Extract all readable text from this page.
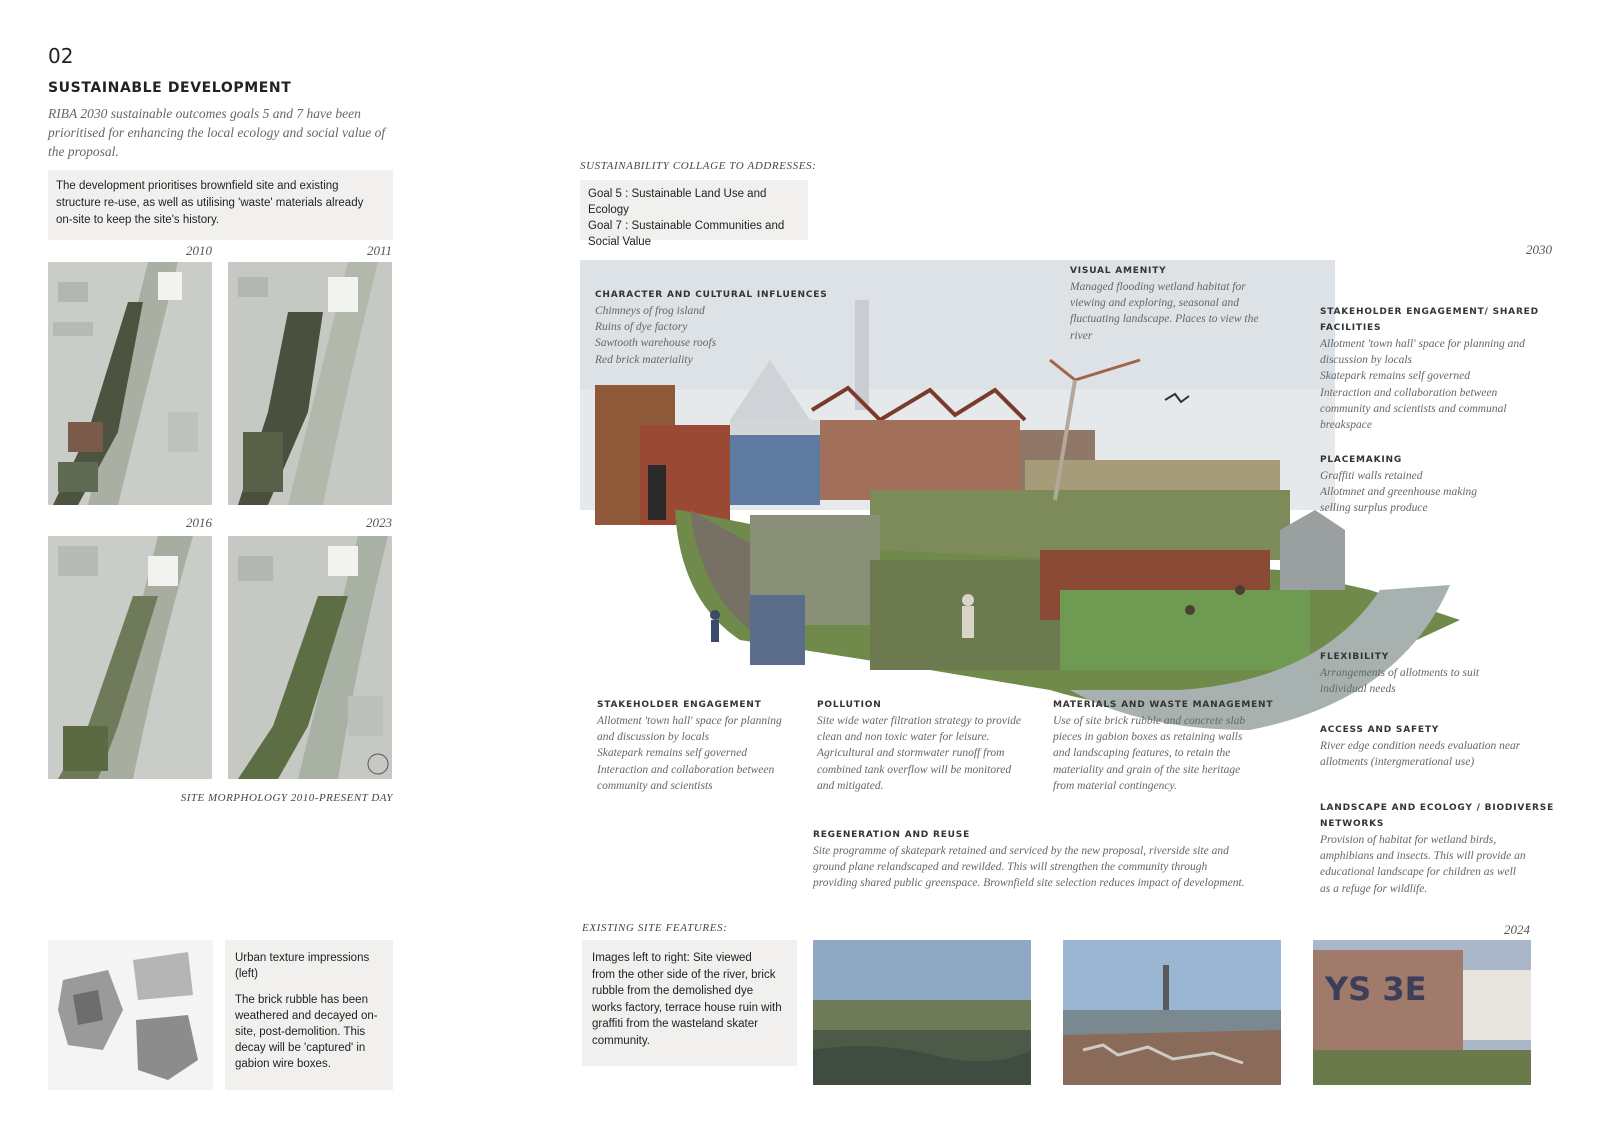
02
SUSTAINABLE DEVELOPMENT
RIBA 2030 sustainable outcomes goals 5 and 7 have been
prioritised for enhancing the local ecology and social value of
the proposal.
The development prioritises brownfield site and existing
structure re-use, as well as utilising 'waste' materials already
on-site to keep the site's history.
2010	2011
2016	2023
SITE MORPHOLOGY 2010-PRESENT DAY
Urban texture impressions
(left)
The brick rubble has been
weathered and decayed on-
site, post-demolition. This
decay will be 'captured' in
gabion wire boxes.
SUSTAINABILITY COLLAGE TO ADDRESSES:
Goal 5 : Sustainable Land Use and Ecology
Goal 7 : Sustainable Communities and
Social Value	2030
CHARACTER AND CULTURAL INFLUENCES
Chimneys of frog island
Ruins of dye factory
Sawtooth warehouse roofs
Red brick materiality
VISUAL AMENITY
Managed flooding wetland habitat for
viewing and exploring, seasonal and
fluctuating landscape. Places to view the
river
STAKEHOLDER ENGAGEMENT/ SHARED
FACILITIES
Allotment 'town hall' space for planning and
discussion by locals
Skatepark remains self governed
Interaction and collaboration between
community and scientists and communal
breakspace
PLACEMAKING
Graffiti walls retained
Allotmnet and greenhouse making
selling surplus produce
FLEXIBILITY
Arrangements of allotments to suit
individual needs
ACCESS AND SAFETY
River edge condition needs evaluation near
allotments (intergmerational use)
LANDSCAPE AND ECOLOGY / BIODIVERSE
NETWORKS
Provision of habitat for wetland birds,
amphibians and insects. This will provide an
educational landscape for children as well
as a refuge for wildlife.
STAKEHOLDER ENGAGEMENT
Allotment 'town hall' space for planning
and discussion by locals
Skatepark remains self governed
Interaction and collaboration between
community and scientists
POLLUTION
Site wide water filtration strategy to provide
clean and non toxic water for leisure.
Agricultural and stormwater runoff from
combined tank overflow will be monitored
and mitigated.
MATERIALS AND WASTE MANAGEMENT
Use of site brick rubble and concrete slab
pieces in gabion boxes as retaining walls
and landscaping features, to retain the
materiality and grain of the site heritage
from material contingency.
REGENERATION AND REUSE
Site programme of skatepark retained and serviced by the new proposal, riverside site and
ground plane relandscaped and rewilded. This will strengthen the community through
providing shared public greenspace. Brownfield site selection reduces impact of development.
EXISTING SITE FEATURES:
Images left to right: Site viewed
from the other side of the river, brick
rubble from the demolished dye
works factory, terrace house ruin with
graffiti from the wasteland skater
community.
2024
YS 3E
